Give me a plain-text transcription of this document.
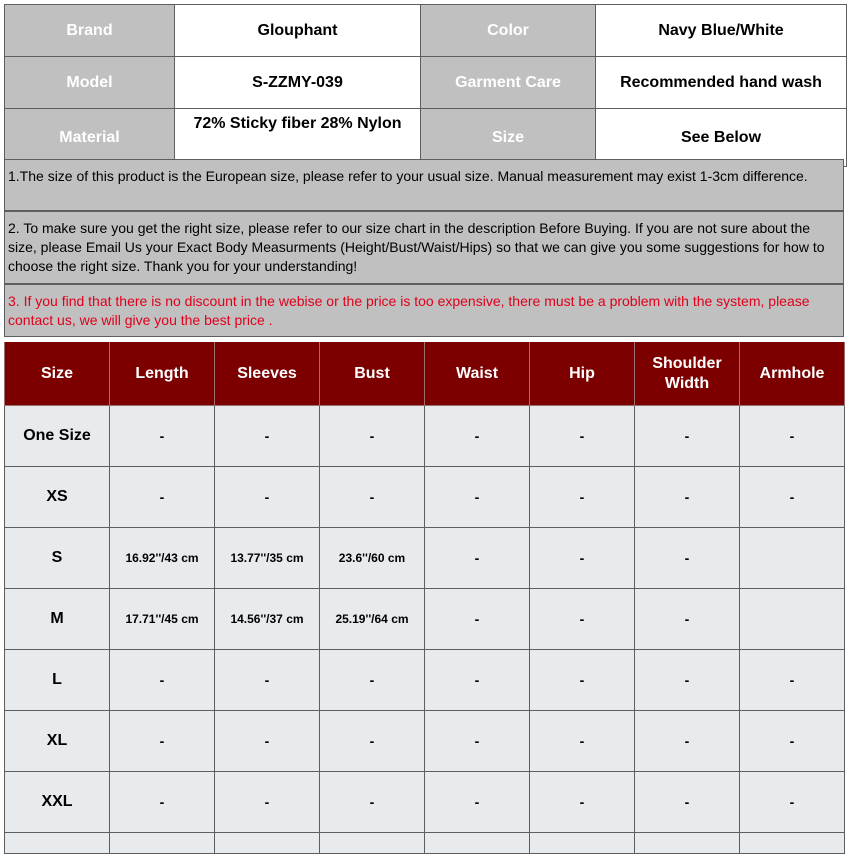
Brand	Glouphant	Color	Navy Blue/White
Model	S-ZZMY-039	Garment Care	Recommended hand wash
Material	72% Sticky fiber 28% Nylon	Size	See Below
1.The size of this product is the European size, please refer to your usual size. Manual measurement may exist 1-3cm difference.
2. To make sure you get the right size, please refer to our size chart in the description Before Buying. If you are not sure about the size, please Email Us your Exact Body Measurments (Height/Bust/Waist/Hips) so that we can give you some suggestions for how to choose the right size. Thank you for your understanding!
3. If you find that there is no discount in the webise or the price is too expensive, there must be a problem with the system, please contact us, we will give you the best price .
Size	Length	Sleeves	Bust	Waist	Hip	Shoulder Width	Armhole
One Size	-	-	-	-	-	-	-
XS	-	-	-	-	-	-	-
S	16.92''/43 cm	13.77''/35 cm	23.6''/60 cm	-	-	-	
M	17.71''/45 cm	14.56''/37 cm	25.19''/64 cm	-	-	-	
L	-	-	-	-	-	-	-
XL	-	-	-	-	-	-	-
XXL	-	-	-	-	-	-	-
